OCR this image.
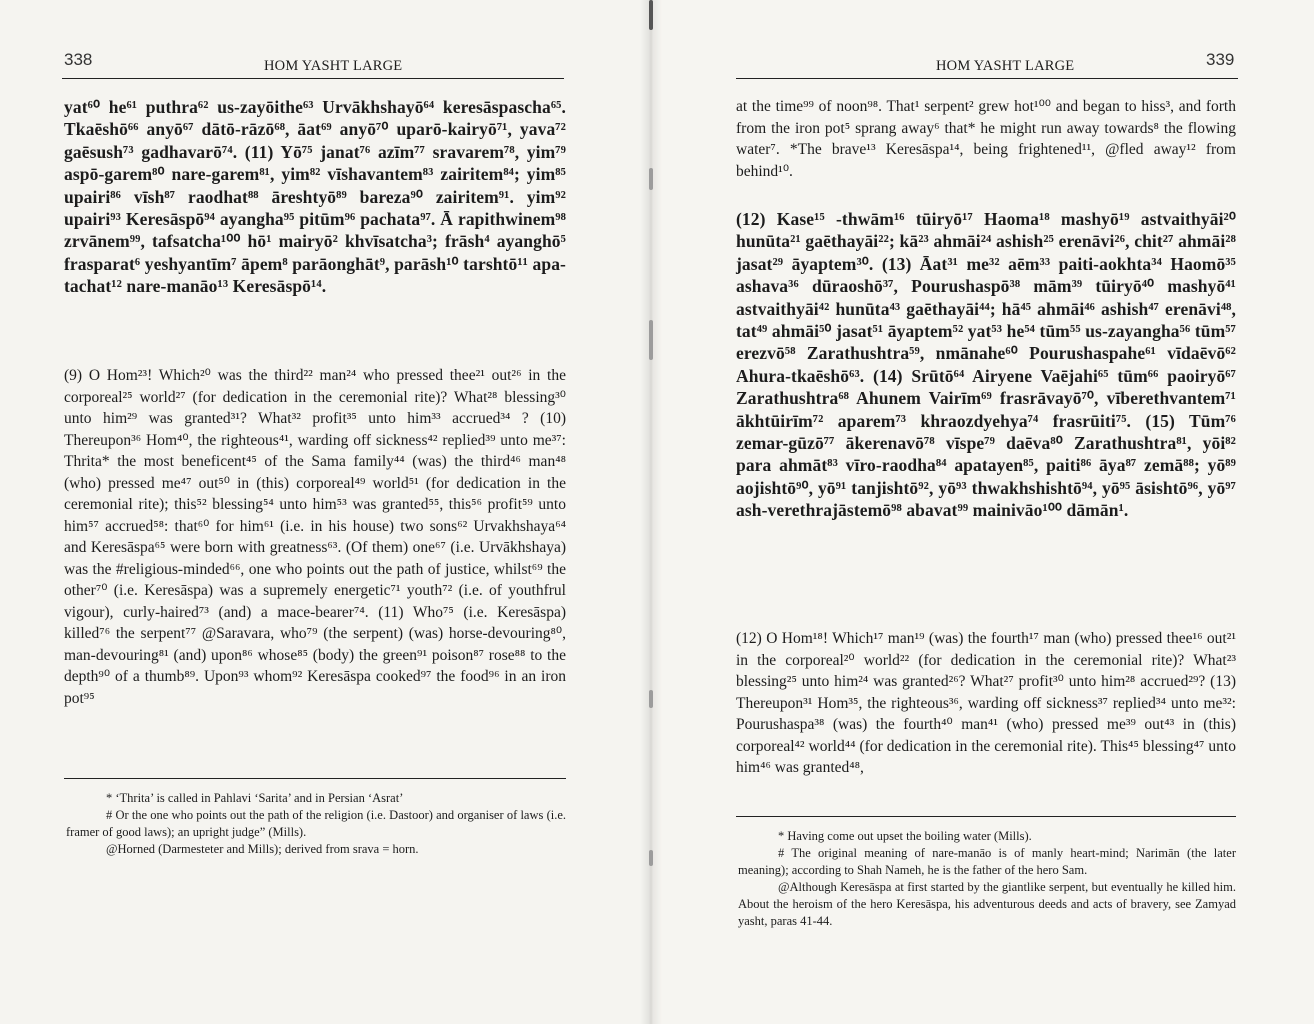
338	HOM YASHT LARGE
yat⁶⁰ he⁶¹ puthra⁶² us-zayōithe⁶³ Urvākhshayō⁶⁴ keresāspascha⁶⁵. Tkaēshō⁶⁶ anyō⁶⁷ dātō-rāzō⁶⁸, āat⁶⁹ anyō⁷⁰ uparō-kairyō⁷¹, yava⁷² gaēsush⁷³ gadhavarō⁷⁴. (11) Yō⁷⁵ janat⁷⁶ azīm⁷⁷ sravarem⁷⁸, yim⁷⁹ aspō-garem⁸⁰ nare-garem⁸¹, yim⁸² vīshavantem⁸³ zairitem⁸⁴; yim⁸⁵ upairi⁸⁶ vīsh⁸⁷ raodhat⁸⁸ āreshtyō⁸⁹ bareza⁹⁰ zairitem⁹¹. yim⁹² upairi⁹³ Keresāspō⁹⁴ ayangha⁹⁵ pitūm⁹⁶ pachata⁹⁷. Ā rapithwinem⁹⁸ zrvānem⁹⁹, tafsatcha¹⁰⁰ hō¹ mairyō² khvīsatcha³; frāsh⁴ ayanghō⁵ frasparat⁶ yeshyantīm⁷ āpem⁸ parāonghāt⁹, parāsh¹⁰ tarshtō¹¹ apa-tachat¹² nare-manāo¹³ Keresāspō¹⁴.
(9) O Hom²³! Which²⁰ was the third²² man²⁴ who pressed thee²¹ out²⁶ in the corporeal²⁵ world²⁷ (for dedication in the ceremonial rite)? What²⁸ blessing³⁰ unto him²⁹ was granted³¹? What³² profit³⁵ unto him³³ accrued³⁴ ? (10) Thereupon³⁶ Hom⁴⁰, the righteous⁴¹, warding off sickness⁴² replied³⁹ unto me³⁷: Thrita* the most beneficent⁴⁵ of the Sama family⁴⁴ (was) the third⁴⁶ man⁴⁸ (who) pressed me⁴⁷ out⁵⁰ in (this) corporeal⁴⁹ world⁵¹ (for dedication in the ceremonial rite); this⁵² blessing⁵⁴ unto him⁵³ was granted⁵⁵, this⁵⁶ profit⁵⁹ unto him⁵⁷ accrued⁵⁸: that⁶⁰ for him⁶¹ (i.e. in his house) two sons⁶² Urvakhshaya⁶⁴ and Keresāspa⁶⁵ were born with greatness⁶³. (Of them) one⁶⁷ (i.e. Urvākhshaya) was the #religious-minded⁶⁶, one who points out the path of justice, whilst⁶⁹ the other⁷⁰ (i.e. Keresāspa) was a supremely energetic⁷¹ youth⁷² (i.e. of youthfrul vigour), curly-haired⁷³ (and) a mace-bearer⁷⁴. (11) Who⁷⁵ (i.e. Keresāspa) killed⁷⁶ the serpent⁷⁷ @Saravara, who⁷⁹ (the serpent) (was) horse-devouring⁸⁰, man-devouring⁸¹ (and) upon⁸⁶ whose⁸⁵ (body) the green⁹¹ poison⁸⁷ rose⁸⁸ to the depth⁹⁰ of a thumb⁸⁹. Upon⁹³ whom⁹² Keresāspa cooked⁹⁷ the food⁹⁶ in an iron pot⁹⁵

* ‘Thrita’ is called in Pahlavi ‘Sarita’ and in Persian ‘Asrat’

# Or the one who points out the path of the religion (i.e. Dastoor) and organiser of laws (i.e. framer of good laws); an upright judge” (Mills).

@Horned (Darmesteter and Mills); derived from srava = horn.

HOM YASHT LARGE	339
at the time⁹⁹ of noon⁹⁸. That¹ serpent² grew hot¹⁰⁰ and began to hiss³, and forth from the iron pot⁵ sprang away⁶ that* he might run away towards⁸ the flowing water⁷. *The brave¹³ Keresāspa¹⁴, being frightened¹¹, @fled away¹² from behind¹⁰.
(12) Kase¹⁵ -thwām¹⁶ tūiryō¹⁷ Haoma¹⁸ mashyō¹⁹ astvaithyāi²⁰ hunūta²¹ gaēthayāi²²; kā²³ ahmāi²⁴ ashish²⁵ erenāvi²⁶, chit²⁷ ahmāi²⁸ jasat²⁹ āyaptem³⁰. (13) Āat³¹ me³² aēm³³ paiti-aokhta³⁴ Haomō³⁵ ashava³⁶ dūraoshō³⁷, Pourushaspō³⁸ mām³⁹ tūiryō⁴⁰ mashyō⁴¹ astvaithyāi⁴² hunūta⁴³ gaēthayāi⁴⁴; hā⁴⁵ ahmāi⁴⁶ ashish⁴⁷ erenāvi⁴⁸, tat⁴⁹ ahmāi⁵⁰ jasat⁵¹ āyaptem⁵² yat⁵³ he⁵⁴ tūm⁵⁵ us-zayangha⁵⁶ tūm⁵⁷ erezvō⁵⁸ Zarathushtra⁵⁹, nmānahe⁶⁰ Pourushaspahe⁶¹ vīdaēvō⁶² Ahura-tkaēshō⁶³. (14) Srūtō⁶⁴ Airyene Vaējahi⁶⁵ tūm⁶⁶ paoiryō⁶⁷ Zarathushtra⁶⁸ Ahunem Vairīm⁶⁹ frasrāvayō⁷⁰, vīberethvantem⁷¹ ākhtūirīm⁷² aparem⁷³ khraozdyehya⁷⁴ frasrūiti⁷⁵. (15) Tūm⁷⁶ zemar-gūzō⁷⁷ ākerenavō⁷⁸ vīspe⁷⁹ daēva⁸⁰ Zarathushtra⁸¹, yōi⁸² para ahmāt⁸³ vīro-raodha⁸⁴ apatayen⁸⁵, paiti⁸⁶ āya⁸⁷ zemā⁸⁸; yō⁸⁹ aojishtō⁹⁰, yō⁹¹ tanjishtō⁹², yō⁹³ thwakhshishtō⁹⁴, yō⁹⁵ āsishtō⁹⁶, yō⁹⁷ ash-verethrajāstemō⁹⁸ abavat⁹⁹ mainivāo¹⁰⁰ dāmān¹.
(12) O Hom¹⁸! Which¹⁷ man¹⁹ (was) the fourth¹⁷ man (who) pressed thee¹⁶ out²¹ in the corporeal²⁰ world²² (for dedication in the ceremonial rite)? What²³ blessing²⁵ unto him²⁴ was granted²⁶? What²⁷ profit³⁰ unto him²⁸ accrued²⁹? (13) Thereupon³¹ Hom³⁵, the righteous³⁶, warding off sickness³⁷ replied³⁴ unto me³²: Pourushaspa³⁸ (was) the fourth⁴⁰ man⁴¹ (who) pressed me³⁹ out⁴³ in (this) corporeal⁴² world⁴⁴ (for dedication in the ceremonial rite). This⁴⁵ blessing⁴⁷ unto him⁴⁶ was granted⁴⁸,

* Having come out upset the boiling water (Mills).

# The original meaning of nare-manāo is of manly heart-mind; Narimān (the later meaning); according to Shah Nameh, he is the father of the hero Sam.

@Although Keresāspa at first started by the giantlike serpent, but eventually he killed him. About the heroism of the hero Keresāspa, his adventurous deeds and acts of bravery, see Zamyad yasht, paras 41-44.
